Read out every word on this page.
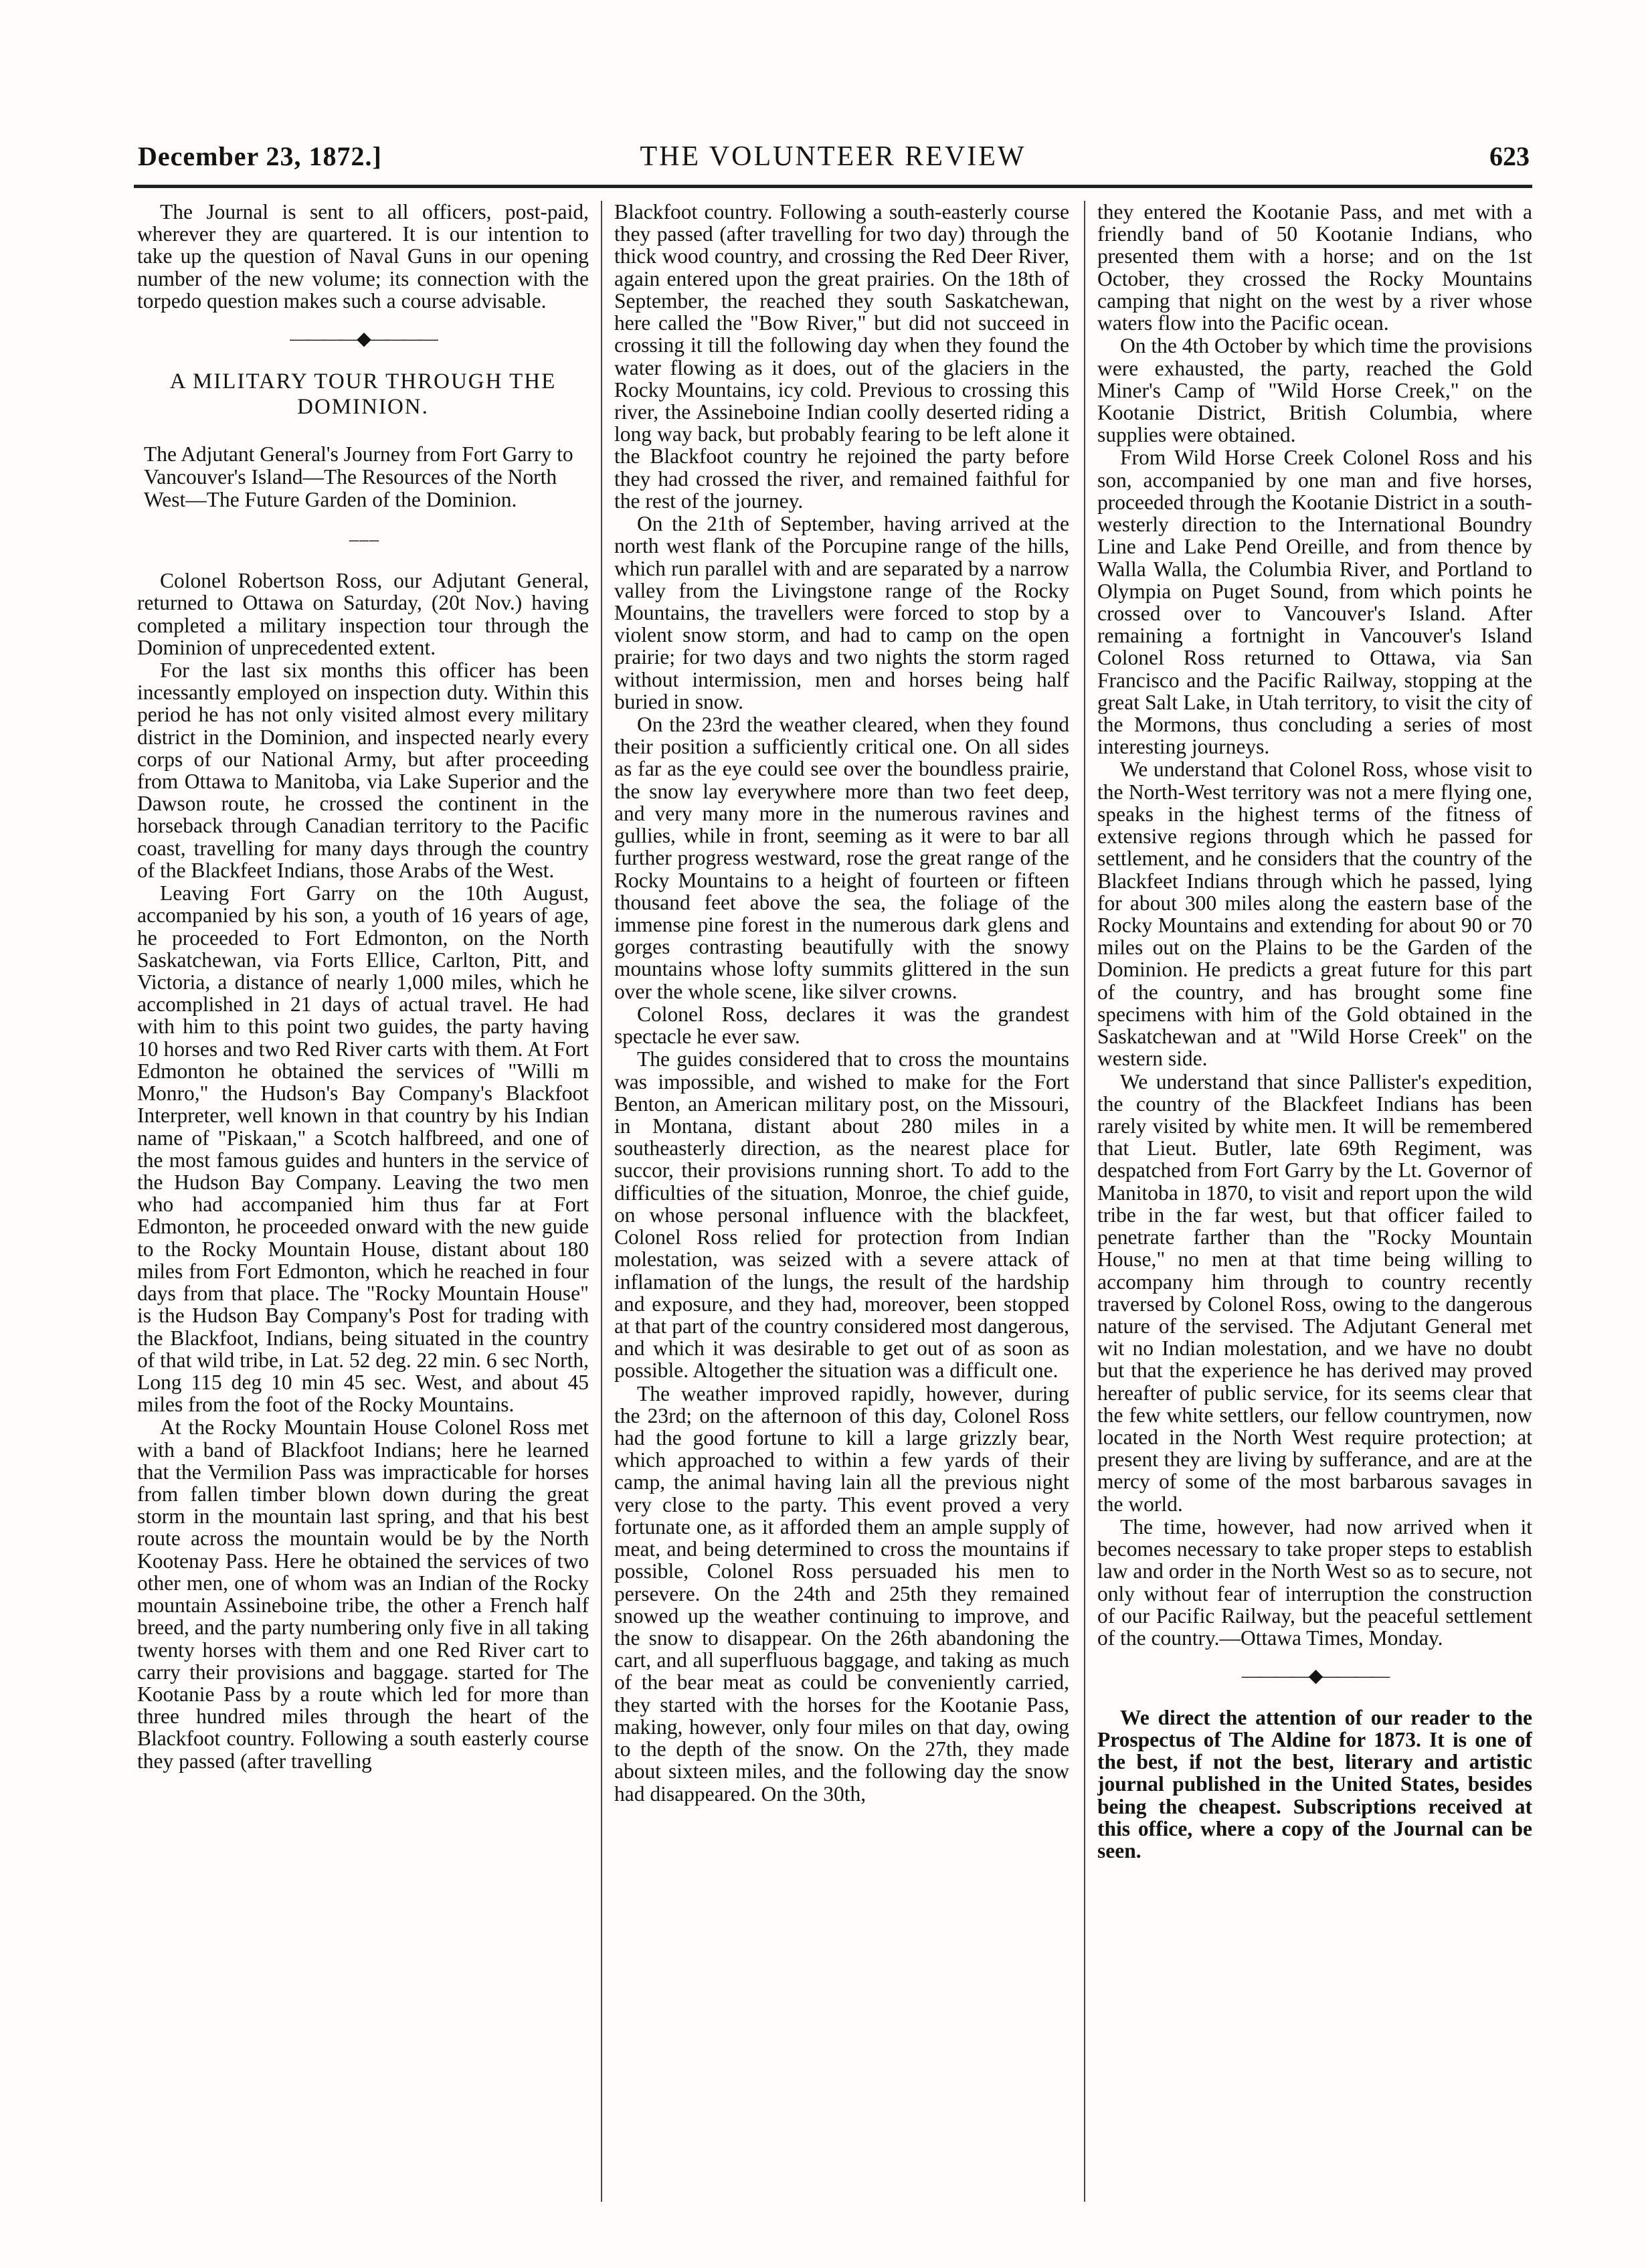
December 23, 1872.]	THE VOLUNTEER REVIEW	623

The Journal is sent to all officers, post-paid, wherever they are quartered. It is our intention to take up the question of Naval Guns in our opening number of the new volume; its connection with the torpedo question makes such a course advisable.

————◆————
A MILITARY TOUR THROUGH THE DOMINION.

The Adjutant General's Journey from Fort Garry to Vancouver's Island—The Resources of the North West—The Future Garden of the Dominion.

– – –

Colonel Robertson Ross, our Adjutant General, returned to Ottawa on Saturday, (20t Nov.) having completed a military inspection tour through the Dominion of unprecedented extent.

For the last six months this officer has been incessantly employed on inspection duty. Within this period he has not only visited almost every military district in the Dominion, and inspected nearly every corps of our National Army, but after proceeding from Ottawa to Manitoba, via Lake Superior and the Dawson route, he crossed the continent in the horseback through Canadian territory to the Pacific coast, travelling for many days through the country of the Blackfeet Indians, those Arabs of the West.

Leaving Fort Garry on the 10th August, accompanied by his son, a youth of 16 years of age, he proceeded to Fort Edmonton, on the North Saskatchewan, via Forts Ellice, Carlton, Pitt, and Victoria, a distance of nearly 1,000 miles, which he accomplished in 21 days of actual travel. He had with him to this point two guides, the party having 10 horses and two Red River carts with them. At Fort Edmonton he obtained the services of "Willi m Monro," the Hudson's Bay Company's Blackfoot Interpreter, well known in that country by his Indian name of "Piskaan," a Scotch halfbreed, and one of the most famous guides and hunters in the service of the Hudson Bay Company. Leaving the two men who had accompanied him thus far at Fort Edmonton, he proceeded onward with the new guide to the Rocky Mountain House, distant about 180 miles from Fort Edmonton, which he reached in four days from that place. The "Rocky Mountain House" is the Hudson Bay Company's Post for trading with the Blackfoot, Indians, being situated in the country of that wild tribe, in Lat. 52 deg. 22 min. 6 sec North, Long 115 deg 10 min 45 sec. West, and about 45 miles from the foot of the Rocky Mountains.

At the Rocky Mountain House Colonel Ross met with a band of Blackfoot Indians; here he learned that the Vermilion Pass was impracticable for horses from fallen timber blown down during the great storm in the mountain last spring, and that his best route across the mountain would be by the North Kootenay Pass. Here he obtained the services of two other men, one of whom was an Indian of the Rocky mountain Assineboine tribe, the other a French half breed, and the party numbering only five in all taking twenty horses with them and one Red River cart to carry their provisions and baggage. started for The Kootanie Pass by a route which led for more than three hundred miles through the heart of the Blackfoot country. Following a south easterly course they passed (after travelling

Blackfoot country. Following a south-easterly course they passed (after travelling for two day) through the thick wood country, and crossing the Red Deer River, again entered upon the great prairies. On the 18th of September, the reached they south Saskatchewan, here called the "Bow River," but did not succeed in crossing it till the following day when they found the water flowing as it does, out of the glaciers in the Rocky Mountains, icy cold. Previous to crossing this river, the Assineboine Indian coolly deserted riding a long way back, but probably fearing to be left alone it the Blackfoot country he rejoined the party before they had crossed the river, and remained faithful for the rest of the journey.

On the 21th of September, having arrived at the north west flank of the Porcupine range of the hills, which run parallel with and are separated by a narrow valley from the Livingstone range of the Rocky Mountains, the travellers were forced to stop by a violent snow storm, and had to camp on the open prairie; for two days and two nights the storm raged without intermission, men and horses being half buried in snow.

On the 23rd the weather cleared, when they found their position a sufficiently critical one. On all sides as far as the eye could see over the boundless prairie, the snow lay everywhere more than two feet deep, and very many more in the numerous ravines and gullies, while in front, seeming as it were to bar all further progress westward, rose the great range of the Rocky Mountains to a height of fourteen or fifteen thousand feet above the sea, the foliage of the immense pine forest in the numerous dark glens and gorges contrasting beautifully with the snowy mountains whose lofty summits glittered in the sun over the whole scene, like silver crowns.

Colonel Ross, declares it was the grandest spectacle he ever saw.

The guides considered that to cross the mountains was impossible, and wished to make for the Fort Benton, an American military post, on the Missouri, in Montana, distant about 280 miles in a southeasterly direction, as the nearest place for succor, their provisions running short. To add to the difficulties of the situation, Monroe, the chief guide, on whose personal influence with the blackfeet, Colonel Ross relied for protection from Indian molestation, was seized with a severe attack of inflamation of the lungs, the result of the hardship and exposure, and they had, moreover, been stopped at that part of the country considered most dangerous, and which it was desirable to get out of as soon as possible. Altogether the situation was a difficult one.

The weather improved rapidly, however, during the 23rd; on the afternoon of this day, Colonel Ross had the good fortune to kill a large grizzly bear, which approached to within a few yards of their camp, the animal having lain all the previous night very close to the party. This event proved a very fortunate one, as it afforded them an ample supply of meat, and being determined to cross the mountains if possible, Colonel Ross persuaded his men to persevere. On the 24th and 25th they remained snowed up the weather continuing to improve, and the snow to disappear. On the 26th abandoning the cart, and all superfluous baggage, and taking as much of the bear meat as could be conveniently carried, they started with the horses for the Kootanie Pass, making, however, only four miles on that day, owing to the depth of the snow. On the 27th, they made about sixteen miles, and the following day the snow had disappeared. On the 30th,

they entered the Kootanie Pass, and met with a friendly band of 50 Kootanie Indians, who presented them with a horse; and on the 1st October, they crossed the Rocky Mountains camping that night on the west by a river whose waters flow into the Pacific ocean.

On the 4th October by which time the provisions were exhausted, the party, reached the Gold Miner's Camp of "Wild Horse Creek," on the Kootanie District, British Columbia, where supplies were obtained.

From Wild Horse Creek Colonel Ross and his son, accompanied by one man and five horses, proceeded through the Kootanie District in a south-westerly direction to the International Boundry Line and Lake Pend Oreille, and from thence by Walla Walla, the Columbia River, and Portland to Olympia on Puget Sound, from which points he crossed over to Vancouver's Island. After remaining a fortnight in Vancouver's Island Colonel Ross returned to Ottawa, via San Francisco and the Pacific Railway, stopping at the great Salt Lake, in Utah territory, to visit the city of the Mormons, thus concluding a series of most interesting journeys.

We understand that Colonel Ross, whose visit to the North-West territory was not a mere flying one, speaks in the highest terms of the fitness of extensive regions through which he passed for settlement, and he considers that the country of the Blackfeet Indians through which he passed, lying for about 300 miles along the eastern base of the Rocky Mountains and extending for about 90 or 70 miles out on the Plains to be the Garden of the Dominion. He predicts a great future for this part of the country, and has brought some fine specimens with him of the Gold obtained in the Saskatchewan and at "Wild Horse Creek" on the western side.

We understand that since Pallister's expedition, the country of the Blackfeet Indians has been rarely visited by white men. It will be remembered that Lieut. Butler, late 69th Regiment, was despatched from Fort Garry by the Lt. Governor of Manitoba in 1870, to visit and report upon the wild tribe in the far west, but that officer failed to penetrate farther than the "Rocky Mountain House," no men at that time being willing to accompany him through to country recently traversed by Colonel Ross, owing to the dangerous nature of the servised. The Adjutant General met wit no Indian molestation, and we have no doubt but that the experience he has derived may proved hereafter of public service, for its seems clear that the few white settlers, our fellow countrymen, now located in the North West require protection; at present they are living by sufferance, and are at the mercy of some of the most barbarous savages in the world.

The time, however, had now arrived when it becomes necessary to take proper steps to establish law and order in the North West so as to secure, not only without fear of interruption the construction of our Pacific Railway, but the peaceful settlement of the country.—Ottawa Times, Monday.

————◆————

We direct the attention of our reader to the Prospectus of The Aldine for 1873. It is one of the best, if not the best, literary and artistic journal published in the United States, besides being the cheapest. Subscriptions received at this office, where a copy of the Journal can be seen.
